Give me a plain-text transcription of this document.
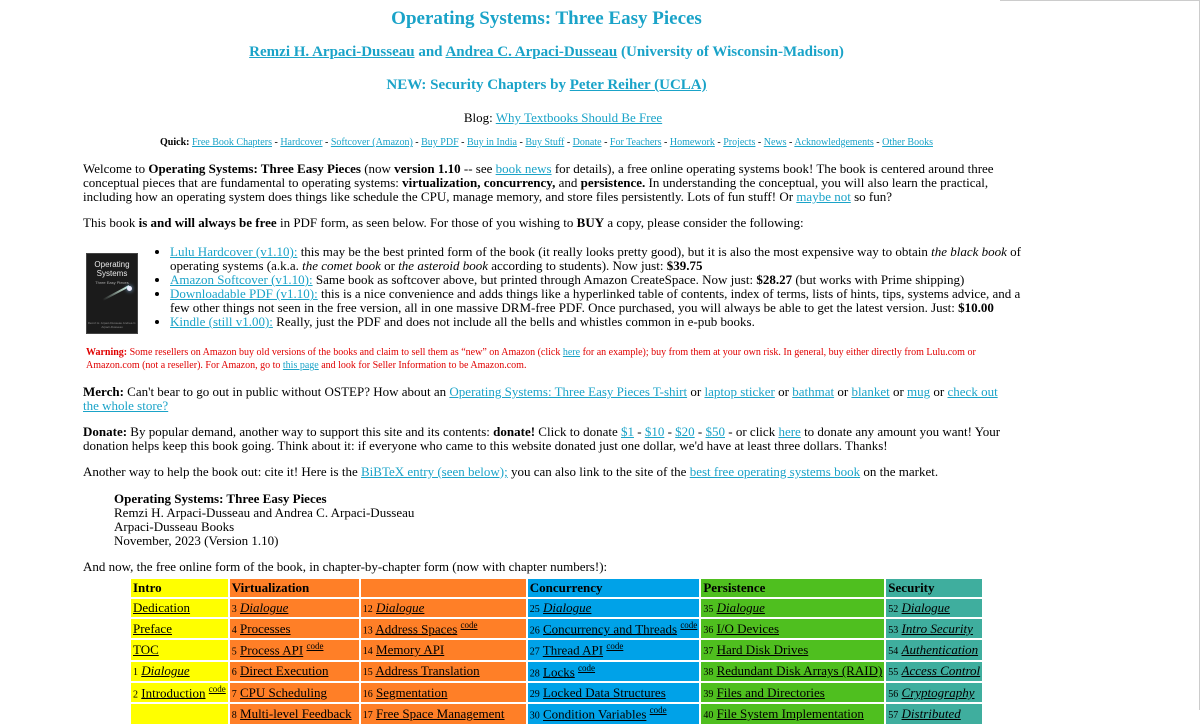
Operating Systems: Three Easy Pieces
Remzi H. Arpaci-Dusseau and Andrea C. Arpaci-Dusseau (University of Wisconsin-Madison)
NEW: Security Chapters by Peter Reiher (UCLA)
Blog: Why Textbooks Should Be Free
Quick: Free Book Chapters - Hardcover - Softcover (Amazon) - Buy PDF - Buy in India - Buy Stuff - Donate - For Teachers - Homework - Projects - News - Acknowledgements - Other Books
Welcome to Operating Systems: Three Easy Pieces (now version 1.10 -- see book news for details), a free online operating systems book! The book is centered around three conceptual pieces that are fundamental to operating systems: virtualization, concurrency, and persistence. In understanding the conceptual, you will also learn the practical, including how an operating system does things like schedule the CPU, manage memory, and store files persistently. Lots of fun stuff! Or maybe not so fun?
This book is and will always be free in PDF form, as seen below. For those of you wishing to BUY a copy, please consider the following:
Operating Systems
Three Easy Pieces
Remzi H. Arpaci-Dusseau Andrea C. Arpaci-Dusseau
• Lulu Hardcover (v1.10): this may be the best printed form of the book (it really looks pretty good), but it is also the most expensive way to obtain the black book of operating systems (a.k.a. the comet book or the asteroid book according to students). Now just: $39.75
• Amazon Softcover (v1.10): Same book as softcover above, but printed through Amazon CreateSpace. Now just: $28.27 (but works with Prime shipping)
• Downloadable PDF (v1.10): this is a nice convenience and adds things like a hyperlinked table of contents, index of terms, lists of hints, tips, systems advice, and a few other things not seen in the free version, all in one massive DRM-free PDF. Once purchased, you will always be able to get the latest version. Just: $10.00
• Kindle (still v1.00): Really, just the PDF and does not include all the bells and whistles common in e-pub books.
Warning: Some resellers on Amazon buy old versions of the books and claim to sell them as “new” on Amazon (click here for an example); buy from them at your own risk. In general, buy either directly from Lulu.com or Amazon.com (not a reseller). For Amazon, go to this page and look for Seller Information to be Amazon.com.
Merch: Can't bear to go out in public without OSTEP? How about an Operating Systems: Three Easy Pieces T-shirt or laptop sticker or bathmat or blanket or mug or check out the whole store?
Donate: By popular demand, another way to support this site and its contents: donate! Click to donate $1 - $10 - $20 - $50 - or click here to donate any amount you want! Your donation helps keep this book going. Think about it: if everyone who came to this website donated just one dollar, we'd have at least three dollars. Thanks!
Another way to help the book out: cite it! Here is the BiBTeX entry (seen below); you can also link to the site of the best free operating systems book on the market.
Operating Systems: Three Easy Pieces
Remzi H. Arpaci-Dusseau and Andrea C. Arpaci-Dusseau
Arpaci-Dusseau Books
November, 2023 (Version 1.10)
And now, the free online form of the book, in chapter-by-chapter form (now with chapter numbers!):
Intro	Virtualization		Concurrency	Persistence	Security
Dedication	3 Dialogue	12 Dialogue	25 Dialogue	35 Dialogue	52 Dialogue
Preface	4 Processes	13 Address Spaces $^{code}$	26 Concurrency and Threads $^{code}$	36 I/O Devices	53 Intro Security
TOC	5 Process API $^{code}$	14 Memory API	27 Thread API $^{code}$	37 Hard Disk Drives	54 Authentication
1 Dialogue	6 Direct Execution	15 Address Translation	28 Locks $^{code}$	38 Redundant Disk Arrays (RAID)	55 Access Control
2 Introduction $^{code}$	7 CPU Scheduling	16 Segmentation	29 Locked Data Structures	39 Files and Directories	56 Cryptography
	8 Multi-level Feedback	17 Free Space Management	30 Condition Variables $^{code}$	40 File System Implementation	57 Distributed
